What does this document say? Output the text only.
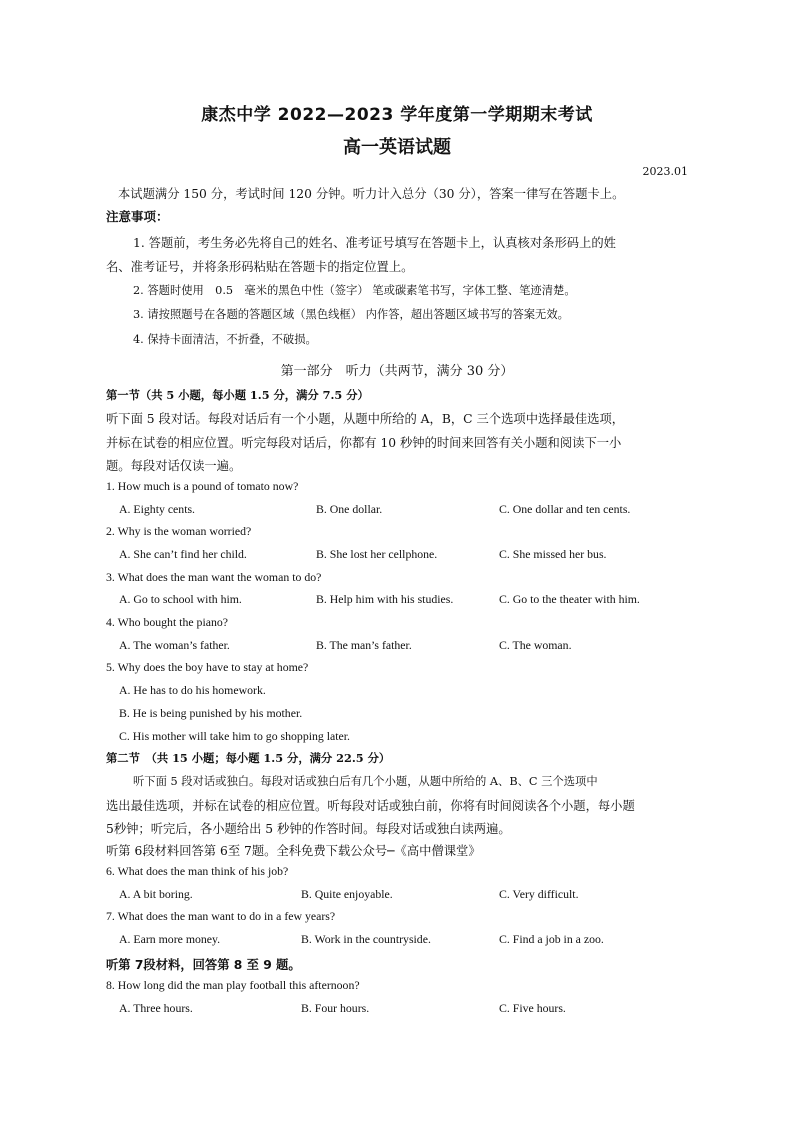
康杰中学 2022—2023 学年度第一学期期末考试
高一英语试题
2023.01
本试题满分 150 分，考试时间 120 分钟。听力计入总分（30 分），答案一律写在答题卡上。
注意事项：
1. 答题前，考生务必先将自己的姓名、准考证号填写在答题卡上，认真核对条形码上的姓
名、准考证号，并将条形码粘贴在答题卡的指定位置上。
2. 答题时使用　0.5　毫米的黑色中性（签字） 笔或碳素笔书写，字体工整、笔迹清楚。
3. 请按照题号在各题的答题区域（黑色线框） 内作答，超出答题区域书写的答案无效。
4. 保持卡面清洁，不折叠，不破损。
第一部分　听力（共两节，满分 30 分）
第一节（共 5 小题，每小题 1.5 分，满分 7.5 分）
听下面 5 段对话。每段对话后有一个小题，从题中所给的 A，B，C 三个选项中选择最佳选项，
并标在试卷的相应位置。听完每段对话后，你都有 10 秒钟的时间来回答有关小题和阅读下一小
题。每段对话仅读一遍。
1. How much is a pound of tomato now?
A. Eighty cents.	B. One dollar.	C. One dollar and ten cents.
2. Why is the woman worried?
A. She can’t find her child.	B. She lost her cellphone.	C. She missed her bus.
3. What does the man want the woman to do?
A. Go to school with him.	B. Help him with his studies.	C. Go to the theater with him.
4. Who bought the piano?
A. The woman’s father.	B. The man’s father.	C. The woman.
5. Why does the boy have to stay at home?
A. He has to do his homework.
B. He is being punished by his mother.
C. His mother will take him to go shopping later.
第二节　（共 15 小题；每小题 1.5 分，满分 22.5 分）
听下面 5 段对话或独白。每段对话或独白后有几个小题，从题中所给的 A、B、C 三个选项中
选出最佳选项，并标在试卷的相应位置。听每段对话或独白前，你将有时间阅读各个小题，每小题
5秒钟；听完后，各小题给出 5 秒钟的作答时间。每段对话或独白读两遍。
听第 6段材料回答第 6至 7题。全科免费下载公众号─《高中僧课堂》
6. What does the man think of his job?
A. A bit boring.	B. Quite enjoyable.	C. Very difficult.
7. What does the man want to do in a few years?
A. Earn more money.	B. Work in the countryside.	C. Find a job in a zoo.
听第 7段材料，回答第 8 至 9 题。
8. How long did the man play football this afternoon?
A. Three hours.	B. Four hours.	C. Five hours.
